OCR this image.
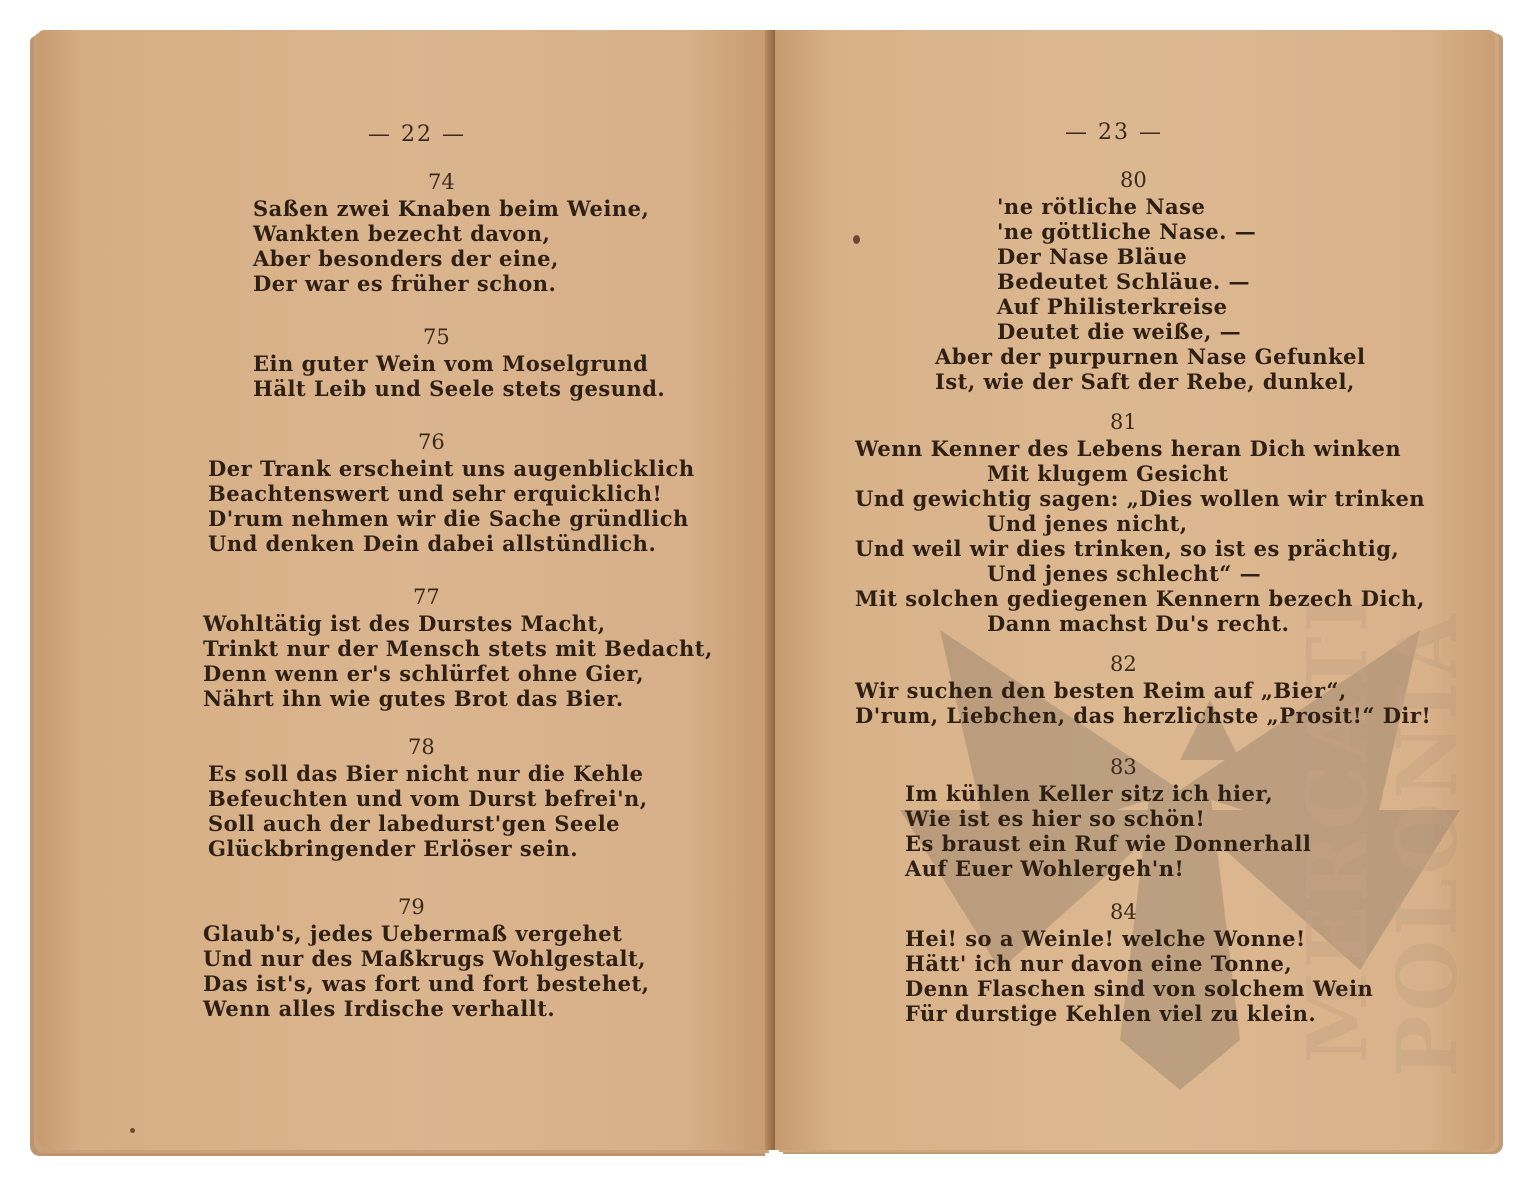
— 22 —
74
Saßen zwei Knaben beim Weine,
Wankten bezecht davon,
Aber besonders der eine,
Der war es früher schon.
75
Ein guter Wein vom Moselgrund
Hält Leib und Seele stets gesund.
76
Der Trank erscheint uns augenblicklich
Beachtenswert und sehr erquicklich!
D'rum nehmen wir die Sache gründlich
Und denken Dein dabei allstündlich.
77
Wohltätig ist des Durstes Macht,
Trinkt nur der Mensch stets mit Bedacht,
Denn wenn er's schlürfet ohne Gier,
Nährt ihn wie gutes Brot das Bier.
78
Es soll das Bier nicht nur die Kehle
Befeuchten und vom Durst befrei'n,
Soll auch der labedurst'gen Seele
Glückbringender Erlöser sein.
79
Glaub's, jedes Uebermaß vergehet
Und nur des Maßkrugs Wohlgestalt,
Das ist's, was fort und fort bestehet,
Wenn alles Irdische verhallt.	MERCATI
POLONIA
— 23 —
80
'ne rötliche Nase
'ne göttliche Nase. —
Der Nase Bläue
Bedeutet Schläue. —
Auf Philisterkreise
Deutet die weiße, —
Aber der purpurnen Nase Gefunkel
Ist, wie der Saft der Rebe, dunkel,
81
Wenn Kenner des Lebens heran Dich winken
Mit klugem Gesicht
Und gewichtig sagen: „Dies wollen wir trinken
Und jenes nicht,
Und weil wir dies trinken, so ist es prächtig,
Und jenes schlecht“ —
Mit solchen gediegenen Kennern bezech Dich,
Dann machst Du's recht.
82
Wir suchen den besten Reim auf „Bier“,
D'rum, Liebchen, das herzlichste „Prosit!“ Dir!
83
Im kühlen Keller sitz ich hier,
Wie ist es hier so schön!
Es braust ein Ruf wie Donnerhall
Auf Euer Wohlergeh'n!
84
Hei! so a Weinle! welche Wonne!
Hätt' ich nur davon eine Tonne,
Denn Flaschen sind von solchem Wein
Für durstige Kehlen viel zu klein.
